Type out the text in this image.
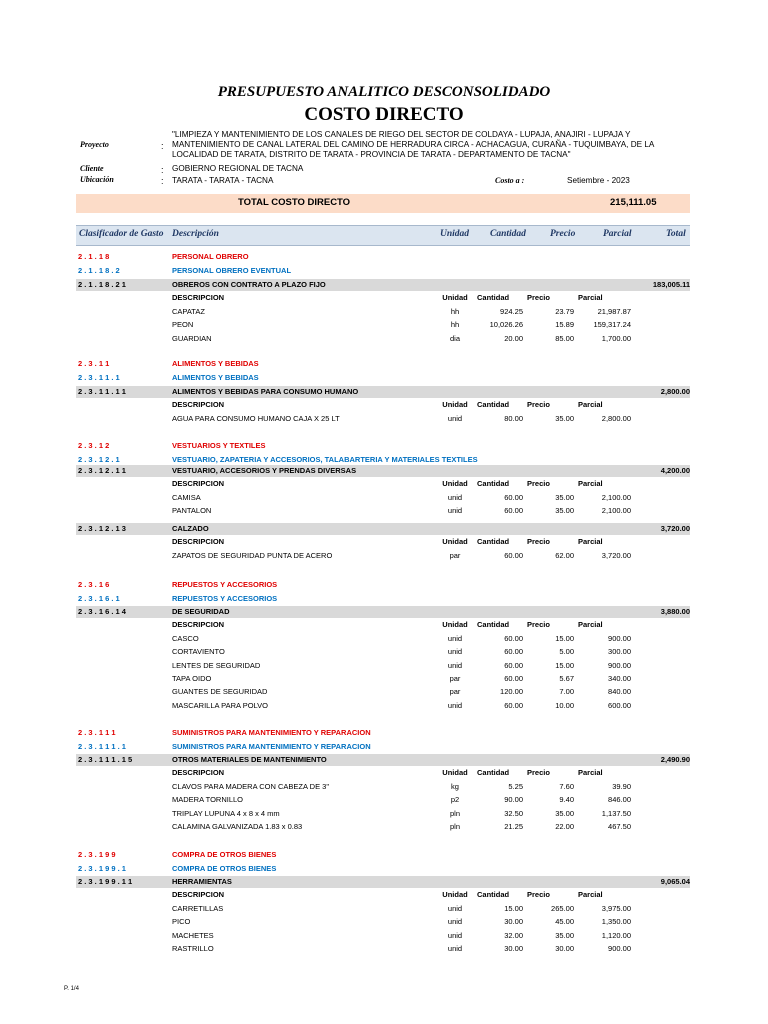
PRESUPUESTO ANALITICO DESCONSOLIDADO
COSTO DIRECTO
Proyecto	:
"LIMPIEZA Y MANTENIMIENTO DE LOS CANALES DE RIEGO DEL SECTOR DE COLDAYA - LUPAJA, ANAJIRI - LUPAJA Y
MANTENIMIENTO DE CANAL LATERAL DEL CAMINO DE HERRADURA CIRCA - ACHACAGUA, CURAÑA - TUQUIMBAYA, DE LA
LOCALIDAD DE TARATA, DISTRITO DE TARATA - PROVINCIA DE TARATA - DEPARTAMENTO DE TACNA"
Cliente	: GOBIERNO REGIONAL DE TACNA
Ubicación	: TARATA - TARATA - TACNA	Costo a :	Setiembre - 2023
TOTAL COSTO DIRECTO	215,111.05
Clasificador de Gasto Descripción	Unidad Cantidad	Precio	Parcial	Total
2 . 1 . 1 8	PERSONAL OBRERO
2 . 1 . 1 8 . 2	PERSONAL OBRERO EVENTUAL
2 . 1 . 1 8 . 2 1	OBREROS CON CONTRATO A PLAZO FIJO	183,005.11
DESCRIPCION	Unidad	Cantidad Precio	Parcial
CAPATAZ	hh	924.25	23.79	21,987.87
PEON	hh	10,026.26	15.89	159,317.24
GUARDIAN	dia	20.00	85.00	1,700.00
2 . 3 . 1 1	ALIMENTOS Y BEBIDAS
2 . 3 . 1 1 . 1	ALIMENTOS Y BEBIDAS
2 . 3 . 1 1 . 1 1	ALIMENTOS Y BEBIDAS PARA CONSUMO HUMANO	2,800.00
DESCRIPCION	Unidad	Cantidad Precio	Parcial
AGUA PARA CONSUMO HUMANO CAJA X 25 LT	unid	80.00	35.00	2,800.00
2 . 3 . 1 2	VESTUARIOS Y TEXTILES
2 . 3 . 1 2 . 1	VESTUARIO, ZAPATERIA Y ACCESORIOS, TALABARTERIA Y MATERIALES TEXTILES
2 . 3 . 1 2 . 1 1	VESTUARIO, ACCESORIOS Y PRENDAS DIVERSAS	4,200.00
DESCRIPCION	Unidad	Cantidad Precio	Parcial
CAMISA	unid	60.00	35.00	2,100.00
PANTALON	unid	60.00	35.00	2,100.00
2 . 3 . 1 2 . 1 3	CALZADO	3,720.00
DESCRIPCION	Unidad	Cantidad Precio	Parcial
ZAPATOS DE SEGURIDAD PUNTA DE ACERO	par	60.00	62.00	3,720.00
2 . 3 . 1 6	REPUESTOS Y ACCESORIOS
2 . 3 . 1 6 . 1	REPUESTOS Y ACCESORIOS
2 . 3 . 1 6 . 1 4	DE SEGURIDAD	3,880.00
DESCRIPCION	Unidad	Cantidad Precio	Parcial
CASCO	unid	60.00	15.00	900.00
CORTAVIENTO	unid	60.00	5.00	300.00
LENTES DE SEGURIDAD	unid	60.00	15.00	900.00
TAPA OIDO	par	60.00	5.67	340.00
GUANTES DE SEGURIDAD	par	120.00	7.00	840.00
MASCARILLA PARA POLVO	unid	60.00	10.00	600.00
2 . 3 . 1 1 1	SUMINISTROS PARA MANTENIMIENTO Y REPARACION
2 . 3 . 1 1 1 . 1	SUMINISTROS PARA MANTENIMIENTO Y REPARACION
2 . 3 . 1 1 1 . 1 5	OTROS MATERIALES DE MANTENIMIENTO	2,490.90
DESCRIPCION	Unidad	Cantidad Precio	Parcial
CLAVOS PARA MADERA CON CABEZA DE 3"	kg	5.25	7.60	39.90
MADERA TORNILLO	p2	90.00	9.40	846.00
TRIPLAY LUPUNA 4 x 8 x 4 mm	pln	32.50	35.00	1,137.50
CALAMINA GALVANIZADA 1.83 x 0.83	pln	21.25	22.00	467.50
2 . 3 . 1 9 9	COMPRA DE OTROS BIENES
2 . 3 . 1 9 9 . 1	COMPRA DE OTROS BIENES
2 . 3 . 1 9 9 . 1 1	HERRAMIENTAS	9,065.04
DESCRIPCION	Unidad	Cantidad Precio	Parcial
CARRETILLAS	unid	15.00	265.00	3,975.00
PICO	unid	30.00	45.00	1,350.00
MACHETES	unid	32.00	35.00	1,120.00
RASTRILLO	unid	30.00	30.00	900.00
P. 1/4
